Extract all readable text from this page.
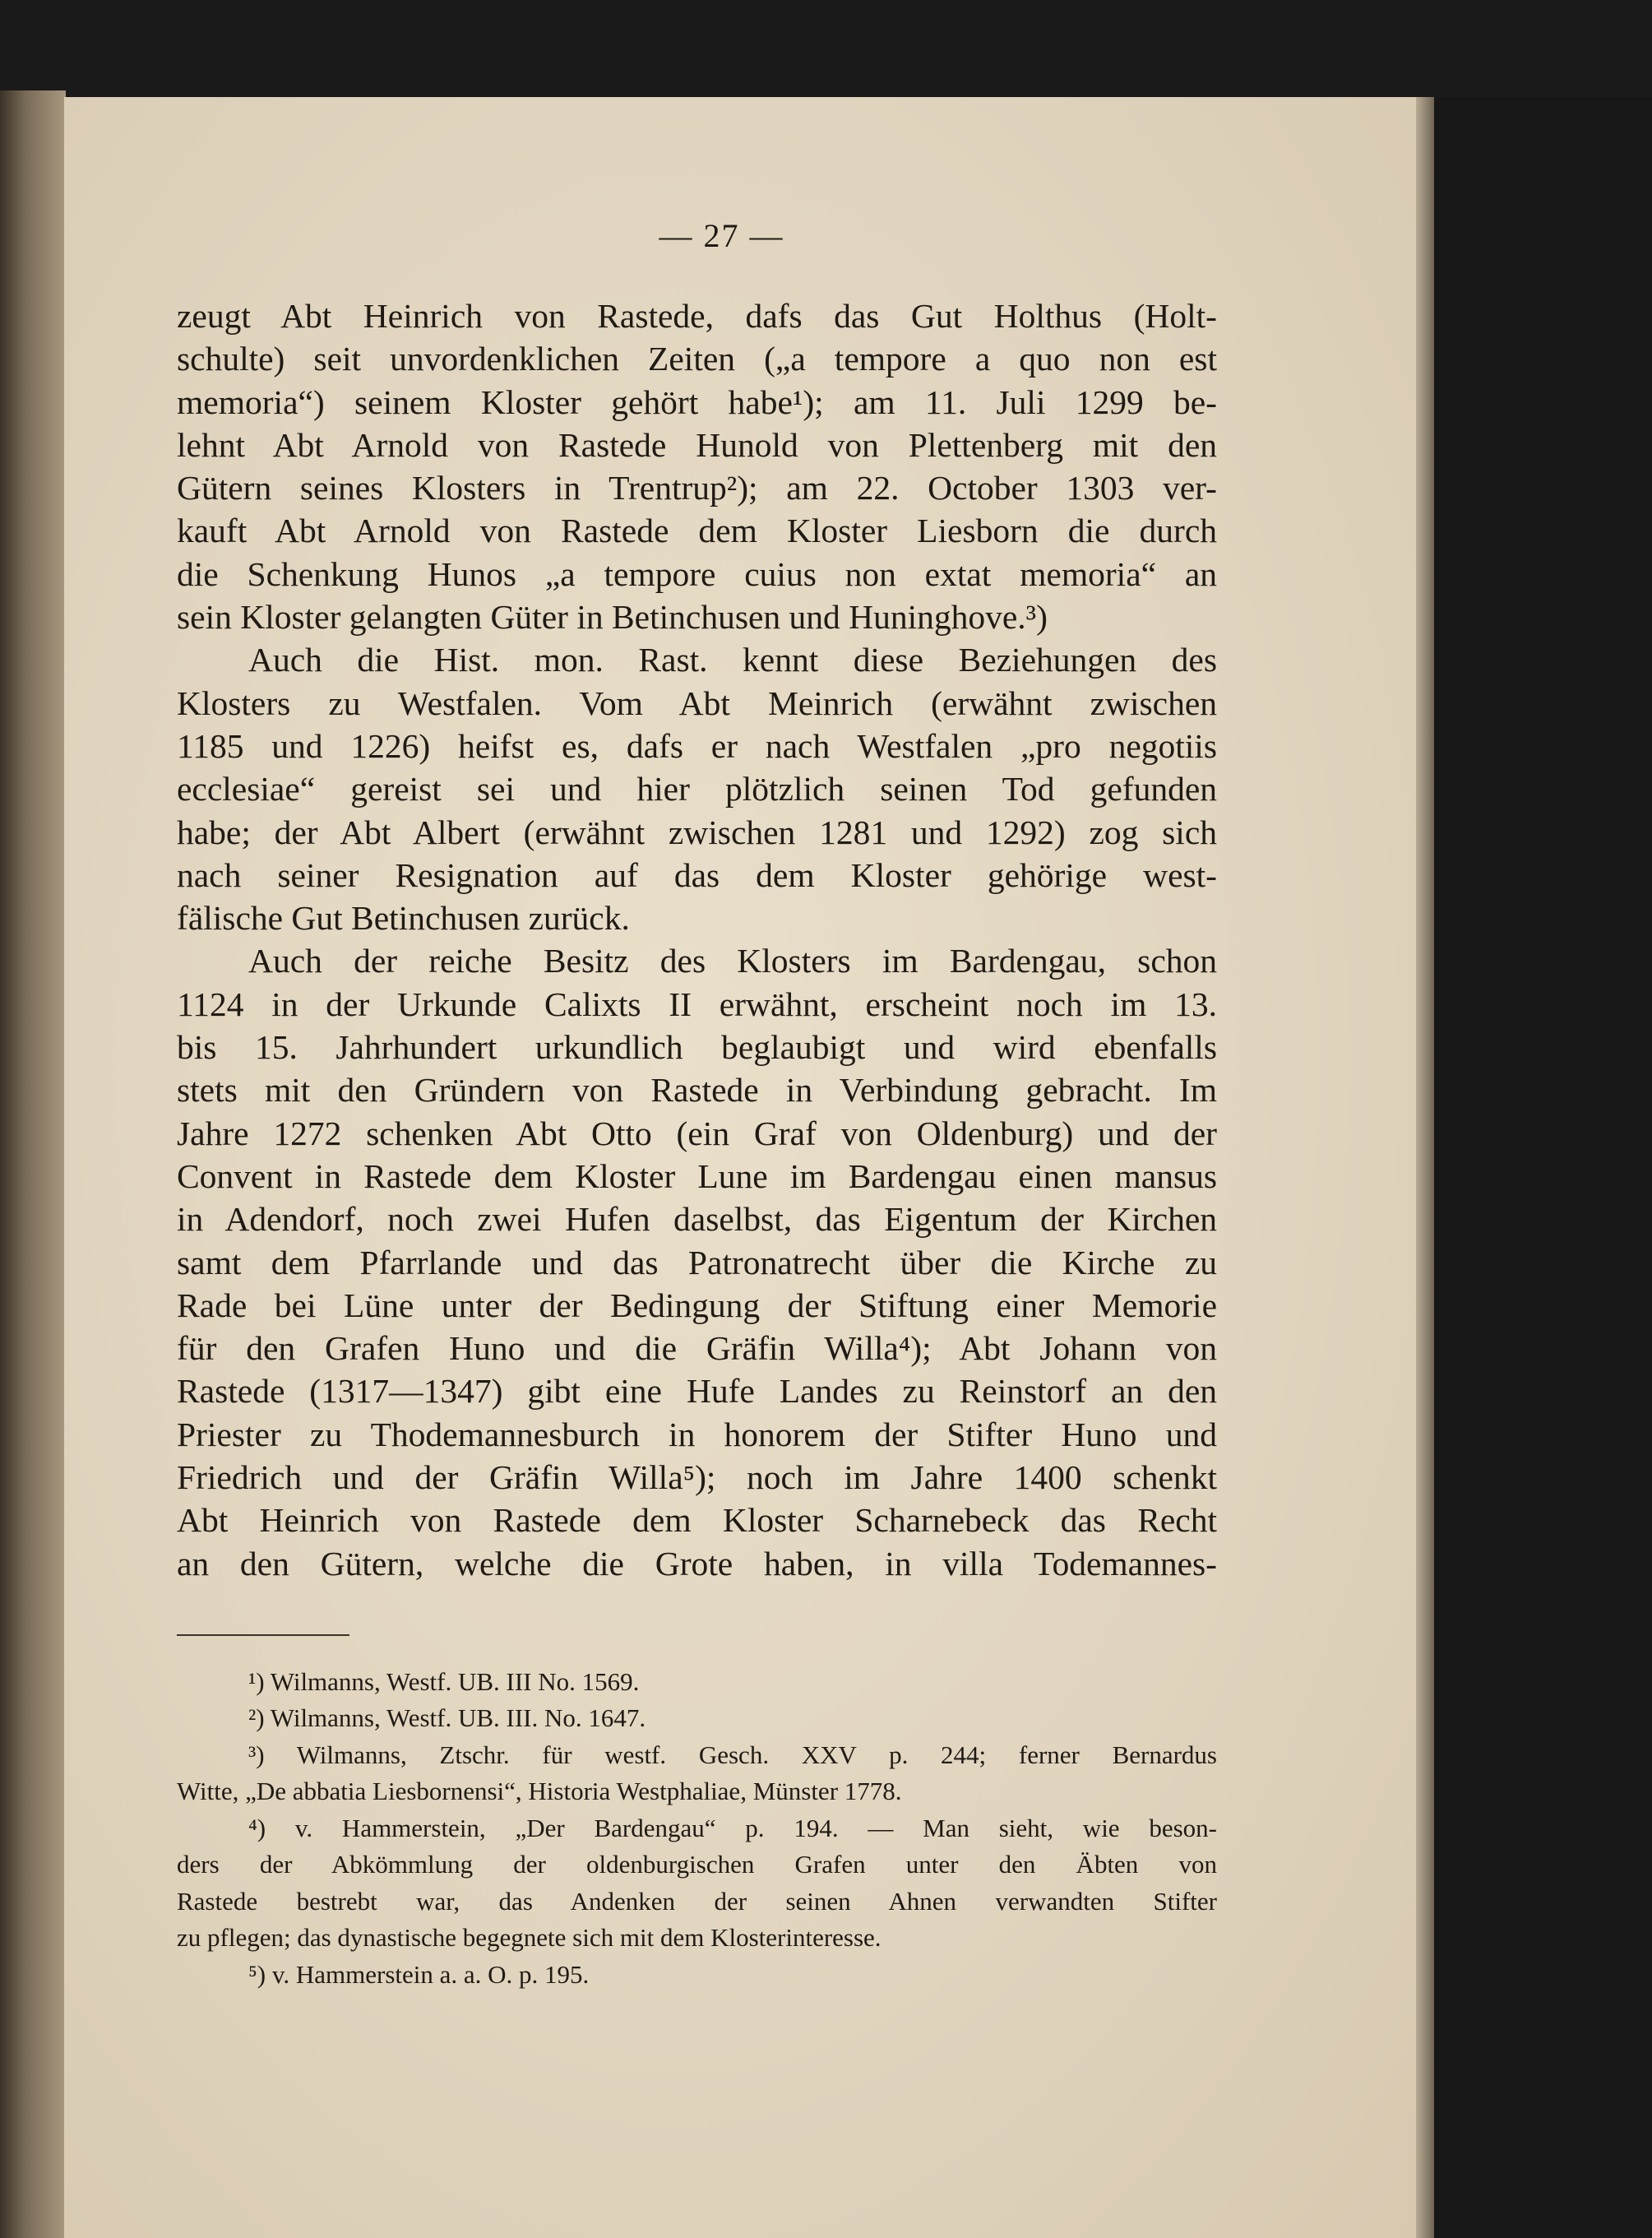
— 27 —

zeugt Abt Heinrich von Rastede, dafs das Gut Holthus (Holt-

schulte) seit unvordenklichen Zeiten („a tempore a quo non est

memoria“) seinem Kloster gehört habe¹); am 11. Juli 1299 be-

lehnt Abt Arnold von Rastede Hunold von Plettenberg mit den

Gütern seines Klosters in Trentrup²); am 22. October 1303 ver-

kauft Abt Arnold von Rastede dem Kloster Liesborn die durch

die Schenkung Hunos „a tempore cuius non extat memoria“ an

sein Kloster gelangten Güter in Betinchusen und Huninghove.³)

Auch die Hist. mon. Rast. kennt diese Beziehungen des

Klosters zu Westfalen. Vom Abt Meinrich (erwähnt zwischen

1185 und 1226) heifst es, dafs er nach Westfalen „pro negotiis

ecclesiae“ gereist sei und hier plötzlich seinen Tod gefunden

habe; der Abt Albert (erwähnt zwischen 1281 und 1292) zog sich

nach seiner Resignation auf das dem Kloster gehörige west-

fälische Gut Betinchusen zurück.

Auch der reiche Besitz des Klosters im Bardengau, schon

1124 in der Urkunde Calixts II erwähnt, erscheint noch im 13.

bis 15. Jahrhundert urkundlich beglaubigt und wird ebenfalls

stets mit den Gründern von Rastede in Verbindung gebracht. Im

Jahre 1272 schenken Abt Otto (ein Graf von Oldenburg) und der

Convent in Rastede dem Kloster Lune im Bardengau einen mansus

in Adendorf, noch zwei Hufen daselbst, das Eigentum der Kirchen

samt dem Pfarrlande und das Patronatrecht über die Kirche zu

Rade bei Lüne unter der Bedingung der Stiftung einer Memorie

für den Grafen Huno und die Gräfin Willa⁴); Abt Johann von

Rastede (1317—1347) gibt eine Hufe Landes zu Reinstorf an den

Priester zu Thodemannesburch in honorem der Stifter Huno und

Friedrich und der Gräfin Willa⁵); noch im Jahre 1400 schenkt

Abt Heinrich von Rastede dem Kloster Scharnebeck das Recht

an den Gütern, welche die Grote haben, in villa Todemannes-

¹) Wilmanns, Westf. UB. III No. 1569.

²) Wilmanns, Westf. UB. III. No. 1647.

³) Wilmanns, Ztschr. für westf. Gesch. XXV p. 244; ferner Bernardus

Witte, „De abbatia Liesbornensi“, Historia Westphaliae, Münster 1778.

⁴) v. Hammerstein, „Der Bardengau“ p. 194. — Man sieht, wie beson-

ders der Abkömmlung der oldenburgischen Grafen unter den Äbten von

Rastede bestrebt war, das Andenken der seinen Ahnen verwandten Stifter

zu pflegen; das dynastische begegnete sich mit dem Klosterinteresse.

⁵) v. Hammerstein a. a. O. p. 195.
